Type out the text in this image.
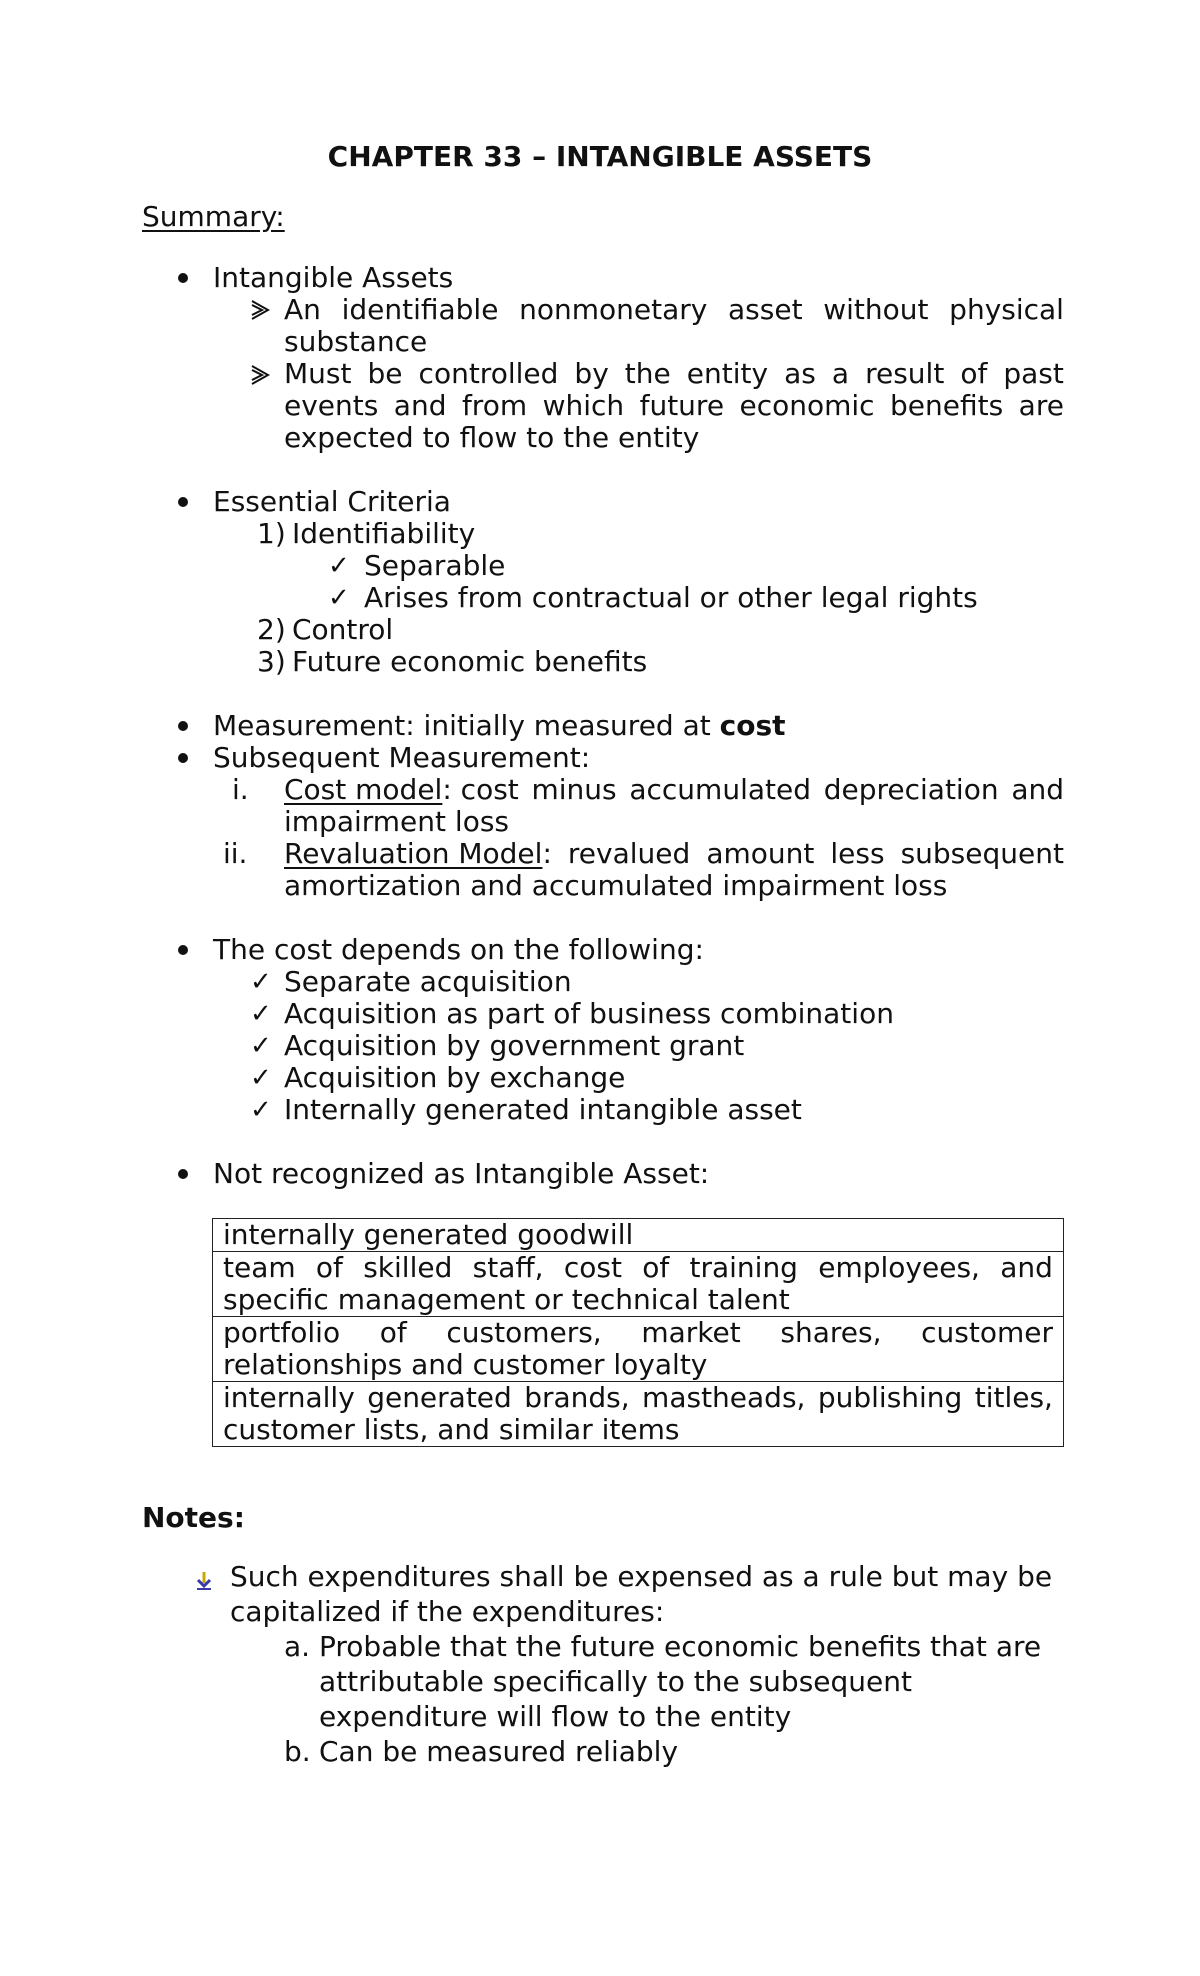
CHAPTER 33 – INTANGIBLE ASSETS
Summary:
Intangible Assets
An identifiable nonmonetary asset without physical
substance
Must be controlled by the entity as a result of past
events and from which future economic benefits are
expected to flow to the entity
Essential Criteria
1) Identifiability
✓ Separable
✓ Arises from contractual or other legal rights
2) Control
3) Future economic benefits
Measurement: initially measured at cost
Subsequent Measurement:
i. Cost model: cost minus accumulated depreciation and
impairment loss
ii. Revaluation Model: revalued amount less subsequent
amortization and accumulated impairment loss
The cost depends on the following:
✓ Separate acquisition
✓ Acquisition as part of business combination
✓ Acquisition by government grant
✓ Acquisition by exchange
✓ Internally generated intangible asset
Not recognized as Intangible Asset:
internally generated goodwill

team of skilled staff, cost of training employees, and
specific management or technical talent

portfolio of customers, market shares, customer
relationships and customer loyalty

internally generated brands, mastheads, publishing titles,
customer lists, and similar items
Notes:
Such expenditures shall be expensed as a rule but may be
capitalized if the expenditures:
a. Probable that the future economic benefits that are
attributable specifically to the subsequent
expenditure will flow to the entity
b. Can be measured reliably
